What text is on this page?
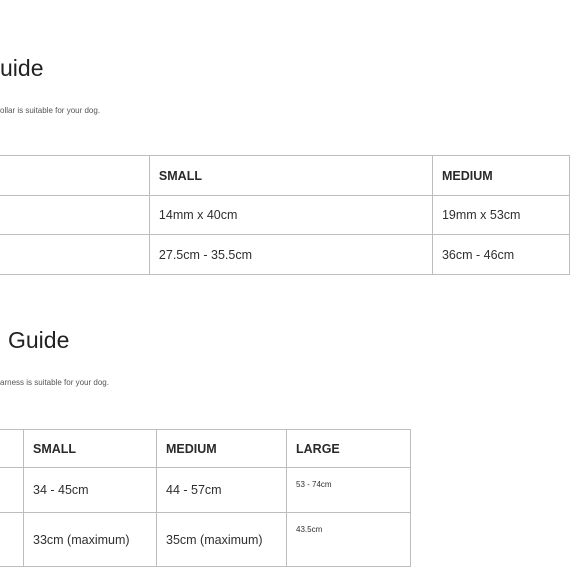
uide

ollar is suitable for your dog.

	SMALL	MEDIUM
	14mm x 40cm	19mm x 53cm
	27.5cm - 35.5cm	36cm - 46cm
Guide

arness is suitable for your dog.

	SMALL	MEDIUM	LARGE
	34 - 45cm	44 - 57cm	53 - 74cm
	33cm (maximum)	35cm (maximum)	43.5cm
